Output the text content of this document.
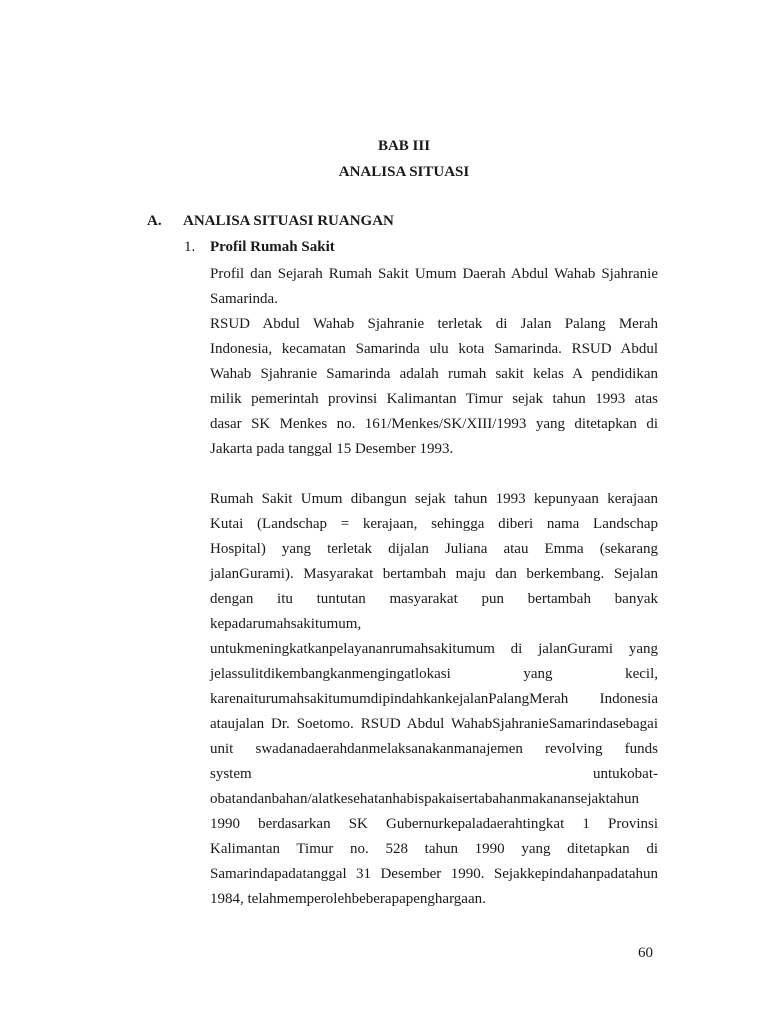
BAB III
ANALISA SITUASI
A. ANALISA SITUASI RUANGAN
1. Profil Rumah Sakit
Profil dan Sejarah Rumah Sakit Umum Daerah Abdul Wahab Sjahranie
Samarinda.
RSUD Abdul Wahab Sjahranie terletak di Jalan Palang Merah
Indonesia, kecamatan Samarinda ulu kota Samarinda. RSUD Abdul
Wahab Sjahranie Samarinda adalah rumah sakit kelas A pendidikan
milik pemerintah provinsi Kalimantan Timur sejak tahun 1993 atas
dasar SK Menkes no. 161/Menkes/SK/XIII/1993 yang ditetapkan di
Jakarta pada tanggal 15 Desember 1993.
Rumah Sakit Umum dibangun sejak tahun 1993 kepunyaan kerajaan
Kutai (Landschap = kerajaan, sehingga diberi nama Landschap
Hospital) yang terletak dijalan Juliana atau Emma (sekarang
jalanGurami). Masyarakat bertambah maju dan berkembang. Sejalan
dengan itu tuntutan masyarakat pun bertambah banyak
kepadarumahsakitumum,
untukmeningkatkanpelayananrumahsakitumum di jalanGurami yang
jelassulitdikembangkanmengingatlokasi yang kecil,
karenaiturumahsakitumumdipindahkankejalanPalangMerah Indonesia
ataujalan Dr. Soetomo. RSUD Abdul WahabSjahranieSamarindasebagai
unit swadanadaerahdanmelaksanakanmanajemen revolving funds
system untukobat-
obatandanbahan/alatkesehatanhabispakaisertabahanmakanansejaktahun
1990 berdasarkan SK Gubernurkepaladaerahtingkat 1 Provinsi
Kalimantan Timur no. 528 tahun 1990 yang ditetapkan di
Samarindapadatanggal 31 Desember 1990. Sejakkepindahanpadatahun
1984, telahmemperolehbeberapapenghargaan.
60
